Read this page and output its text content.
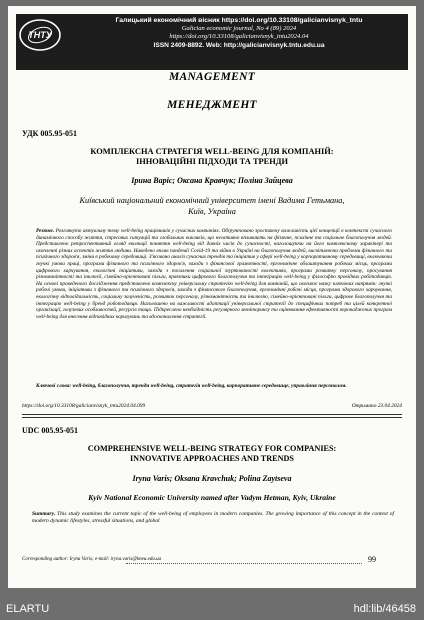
ТНТУ
Галицький економічний вісник https://doi.org/10.33108/galicianvisnyk_tntu
Galician economic journal, No 4 (89) 2024
https://doi.org/10.33108/galicianvisnyk_tntu2024.04
ISSN 2409-8892. Web: http://galicianvisnyk.tntu.edu.ua
MANAGEMENT
МЕНЕДЖМЕНТ
УДК 005.95-051
КОМПЛЕКСНА СТРАТЕГІЯ WELL-BEING ДЛЯ КОМПАНІЙ:
ІННОВАЦІЙНІ ПІДХОДИ ТА ТРЕНДИ
Ірина Варіс; Оксана Кравчук; Поліна Зайцева
Київський національний економічний університет імені Вадима Гетьмана,
Київ, Україна
Резюме. Розглянуто актуальну тему well-being працівників у сучасних компаніях. Обґрунтовано зростаючу важливість цієї концепції в контексті сучасного динамічного способу життя, стресових ситуацій та глобальних викликів, що негативно впливають на фізичне, психічне та соціальне благополуччя людей. Представлено ретроспективний огляд еволюції поняття well-being від давніх часів до сучасності, наголошуючи на його комплексному характері та охопленні різних аспектів життя людини. Наведено вплив пандемії Covid-19 та війни в Україні на благополуччя людей, висвітлюючи проблеми фізичного та психічного здоров'я, зміни в робочому середовищі. З'ясовано аналіз сучасних трендів та ініціатив у сфері well-being у корпоративному середовищі, включаючи гнучкі умови праці, програми фізичного та психічного здоров'я, заходи з фінансової грамотності, ергономічне облаштування робочих місць, програми цифрового харчування, екологічні ініціативи, заходи з посилення соціальної згуртованості колективів, програми розвитку персоналу, просування різноманітності та інклюзії, сімейно-орієнтовані пільги, практики цифрового благополуччя та інтеграцію well-being у філософію провідних робітодавців. На основі проведеного дослідження представлено комплексну універсальну стратегію well-being для компаній, що охоплює низку ключових напрямів: гнучкі робочі умови, ініціативи з фізичного та психічного здоров'я, заходи з фінансового благополуччя, ергономічні робочі місця, програми здорового харчування, екологічну відповідальність, соціальну залученість, розвиток персоналу, різноманітність та інклюзію, сімейно-орієнтовані пільги, цифрове благополуччя та інтеграцію well-being у бренд роботодавця. Наголошено на важливості адаптації універсальної стратегії до специфічних потреб та цілей конкретної організації, галузевих особливостей, ресурсів тощо. Підкреслено необхідність регулярного моніторингу та оцінювання ефективності впроваджених програм well-being для внесення відповідних коригувань та вдосконалення стратегії.
Ключові слова: well-being, благополуччя, тренди well-being, стратегія well-being, корпоративне середовище, управління персоналом.
https://doi.org/10.33108/galicianvisnyk_tntu2024.04.099	Отримано 23.04.2024
UDC 005.95-051
COMPREHENSIVE WELL-BEING STRATEGY FOR COMPANIES:
INNOVATIVE APPROACHES AND TRENDS
Iryna Varis; Oksana Kravchuk; Polina Zaytseva
Kyiv National Economic University named after Vadym Hetman, Kyiv, Ukraine
Summary. This study examines the current topic of the well-being of employees in modern companies. The growing importance of this concept in the context of modern dynamic lifestyles, stressful situations, and global
Corresponding author: Iryna Varis; e-mail: iryna.varis@kneu.edu.ua	99
ELARTU	hdl:lib/46458
